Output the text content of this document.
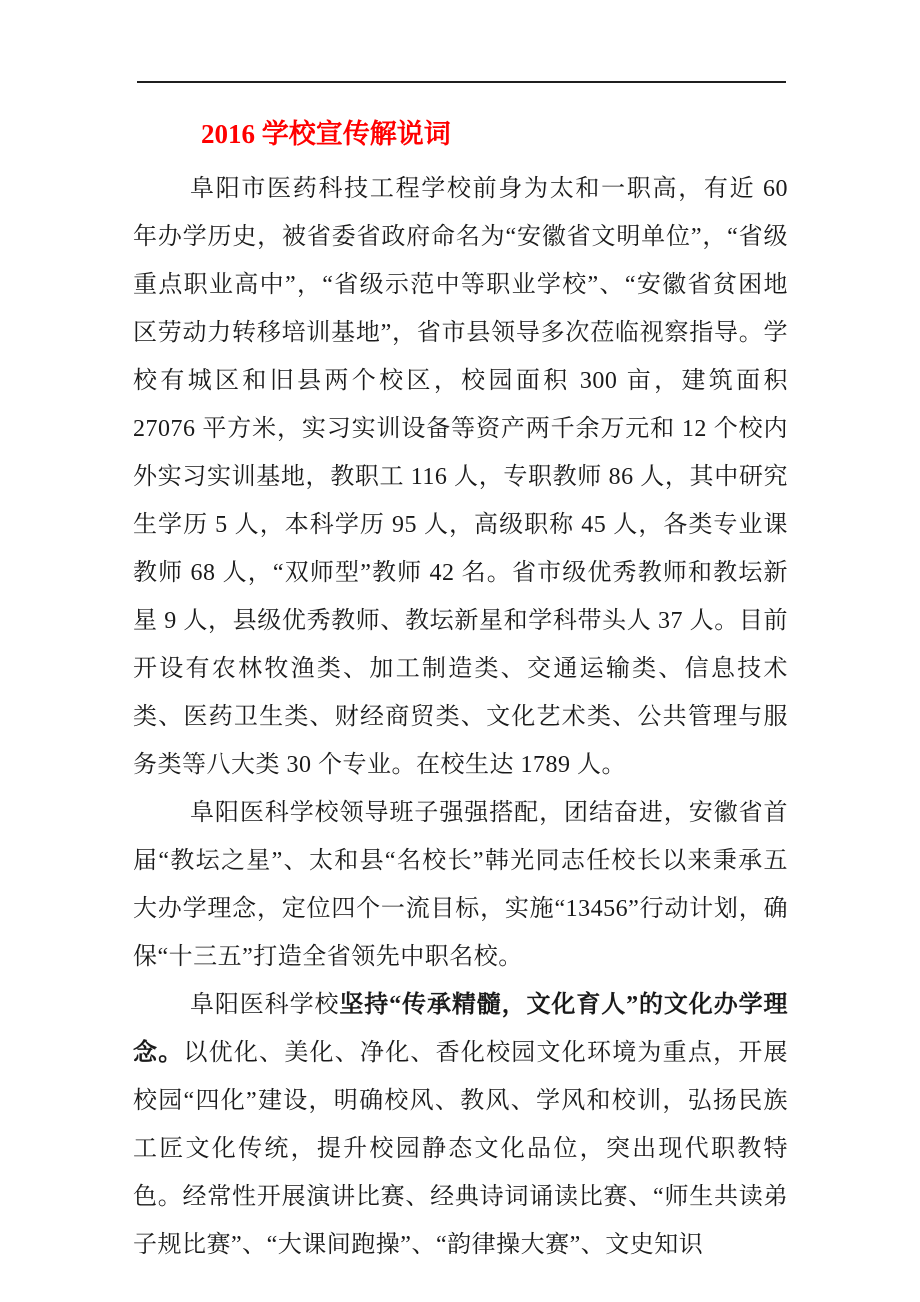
2016 学校宣传解说词

阜阳市医药科技工程学校前身为太和一职高，有近 60 年办学历史，被省委省政府命名为“安徽省文明单位”，“省级重点职业高中”，“省级示范中等职业学校”、“安徽省贫困地区劳动力转移培训基地”，省市县领导多次莅临视察指导。学校有城区和旧县两个校区，校园面积 300 亩，建筑面积 27076 平方米，实习实训设备等资产两千余万元和 12 个校内外实习实训基地，教职工 116 人，专职教师 86 人，其中研究生学历 5 人，本科学历 95 人，高级职称 45 人，各类专业课教师 68 人，“双师型”教师 42 名。省市级优秀教师和教坛新星 9 人，县级优秀教师、教坛新星和学科带头人 37 人。目前开设有农林牧渔类、加工制造类、交通运输类、信息技术类、医药卫生类、财经商贸类、文化艺术类、公共管理与服务类等八大类 30 个专业。在校生达 1789 人。

阜阳医科学校领导班子强强搭配，团结奋进，安徽省首届“教坛之星”、太和县“名校长”韩光同志任校长以来秉承五大办学理念，定位四个一流目标，实施“13456”行动计划，确保“十三五”打造全省领先中职名校。

阜阳医科学校坚持“传承精髓，文化育人”的文化办学理念。以优化、美化、净化、香化校园文化环境为重点，开展校园“四化”建设，明确校风、教风、学风和校训，弘扬民族工匠文化传统，提升校园静态文化品位，突出现代职教特色。经常性开展演讲比赛、经典诗词诵读比赛、“师生共读弟子规比赛”、“大课间跑操”、“韵律操大赛”、文史知识
